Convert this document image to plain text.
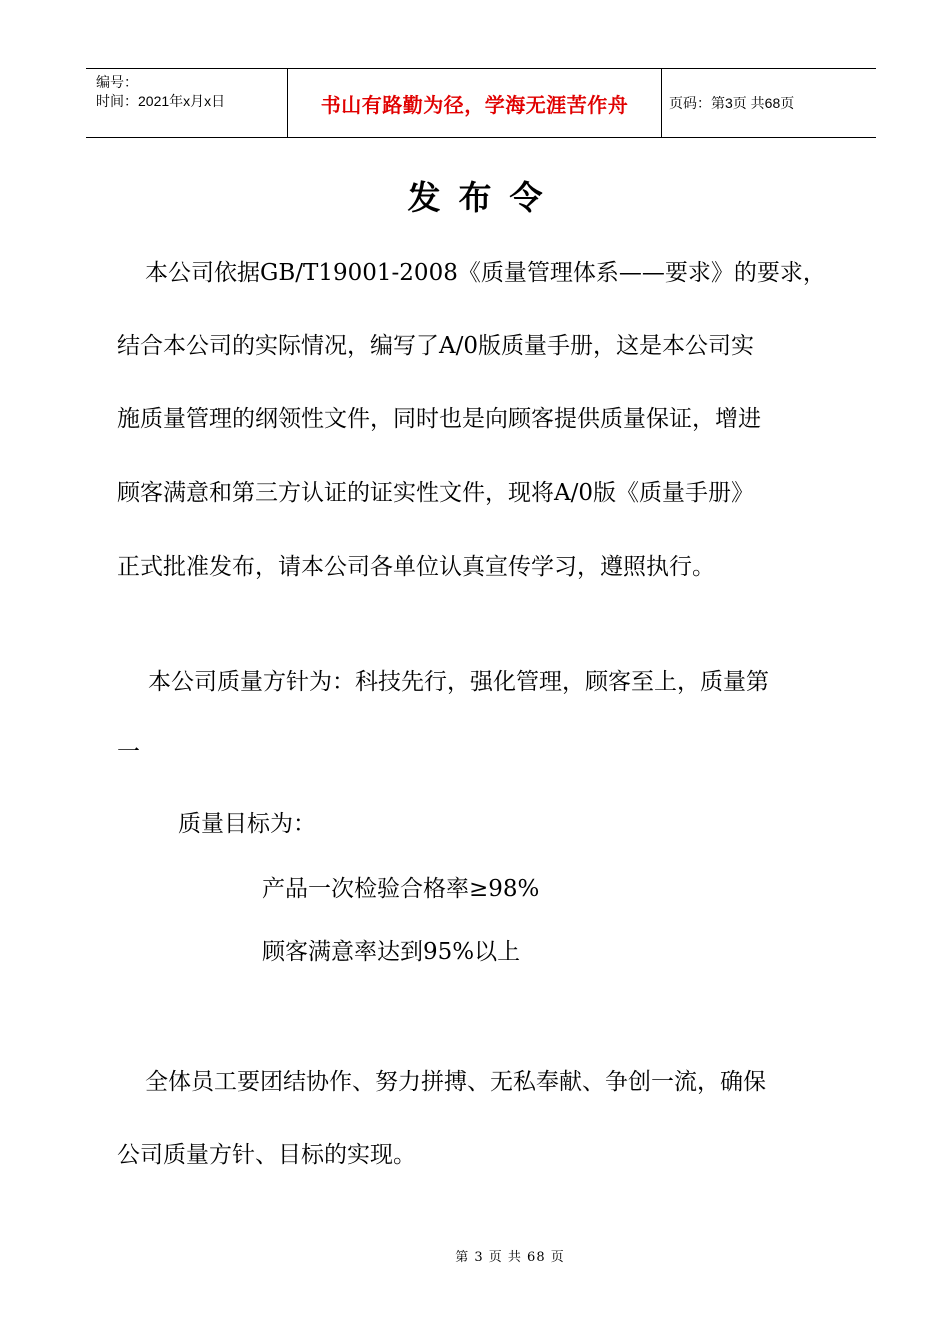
编号：
时间：2021年x月x日	书山有路勤为径，学海无涯苦作舟	页码：第3页 共68页
发布令
本公司依据GB/T19001-2008《质量管理体系——要求》的要求，
结合本公司的实际情况，编写了A/0版质量手册，这是本公司实
施质量管理的纲领性文件，同时也是向顾客提供质量保证，增进
顾客满意和第三方认证的证实性文件，现将A/0版《质量手册》
正式批准发布，请本公司各单位认真宣传学习，遵照执行。
本公司质量方针为：科技先行，强化管理，顾客至上，质量第
一
质量目标为：
产品一次检验合格率≥98%
顾客满意率达到95%以上
全体员工要团结协作、努力拼搏、无私奉献、争创一流，确保
公司质量方针、目标的实现。
第 3 页 共 68 页
